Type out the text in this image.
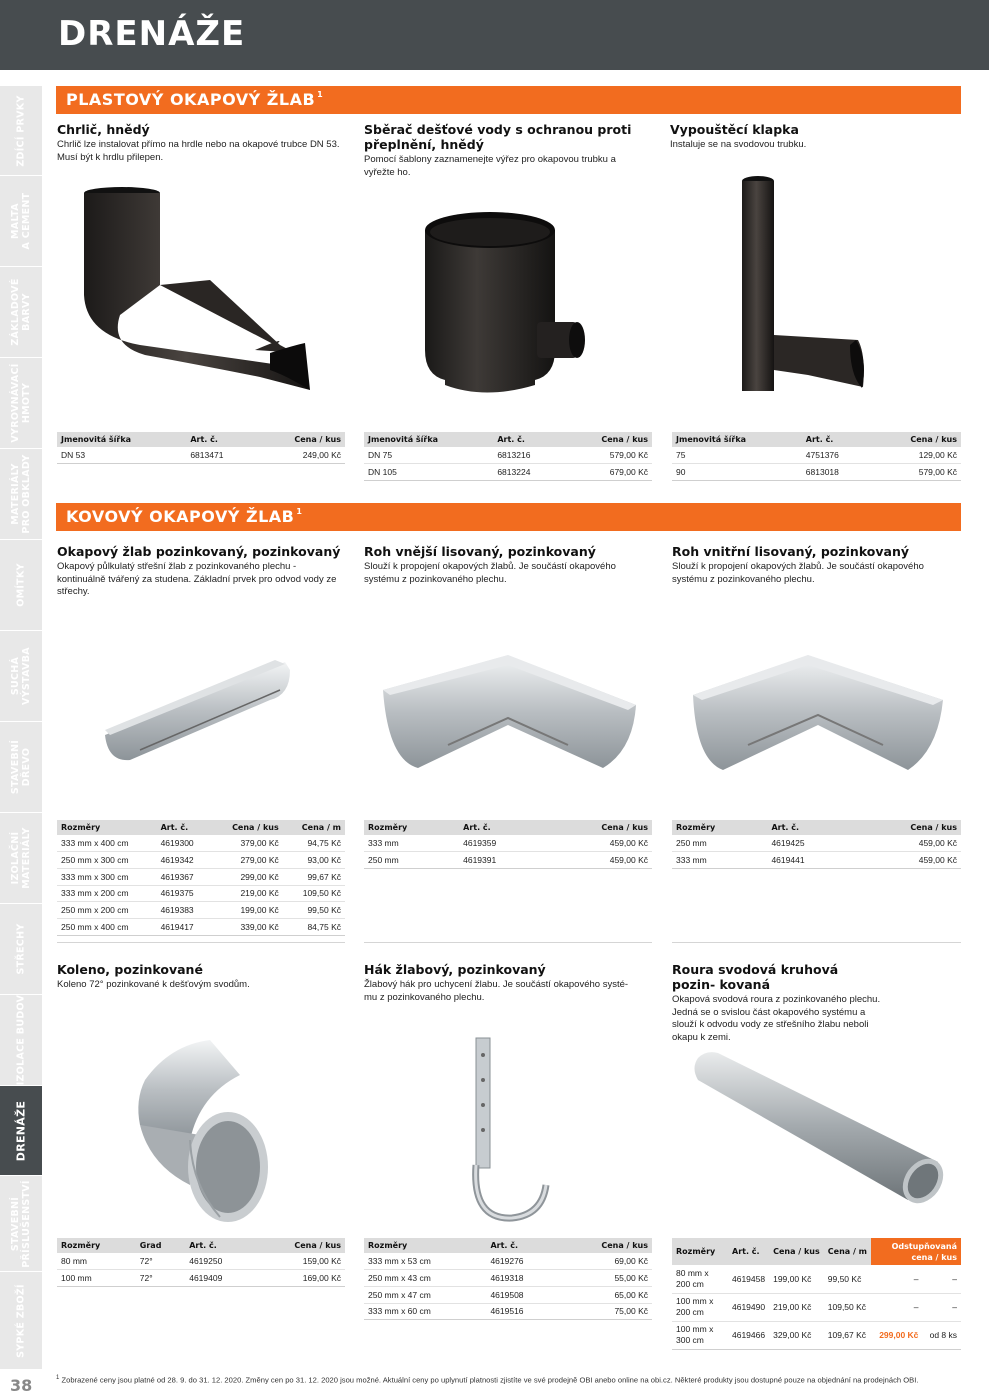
DRENÁŽE
ZDÍCÍ PRVKY
MALTA
A CEMENT
ZÁKLADOVÉ
BARVY
VYROVNÁVACÍ
HMOTY
MATERIÁLY
PRO OBKLADY
OMÍTKY
SUCHÁ
VÝSTAVBA
STAVEBNÍ
DŘEVO
IZOLAČNÍ
MATERIÁLY
STŘECHY
IZOLACE BUDOV
DRENÁŽE
STAVEBNÍ
PŘÍSLUŠENSTVÍ
SYPKÉ ZBOŽÍ
38
PLASTOVÝ OKAPOVÝ ŽLAB $^1$
Chrlič, hnědý

Chrlič lze instalovat přímo na hrdle nebo na okapové trubce DN 53. Musí být k hrdlu přilepen.

Jmenovitá šířka	Art. č.	Cena / kus
DN 53	6813471	249,00 Kč
Sběrač dešťové vody s ochranou proti přeplnění, hnědý

Pomocí šablony zaznamenejte výřez pro okapovou trubku a vyřežte ho.

Jmenovitá šířka	Art. č.	Cena / kus
DN 75	6813216	579,00 Kč
DN 105	6813224	679,00 Kč
Vypouštěcí klapka

Instaluje se na svodovou trubku.

Jmenovitá šířka	Art. č.	Cena / kus
75	4751376	129,00 Kč
90	6813018	579,00 Kč
KOVOVÝ OKAPOVÝ ŽLAB $^1$
Okapový žlab pozinkovaný, pozinkovaný

Okapový půlkulatý střešní žlab z pozinkovaného plechu - kontinuálně tvářený za studena. Základní prvek pro odvod vody ze střechy.

Rozměry	Art. č.	Cena / kus	Cena / m
333 mm x 400 cm	4619300	379,00 Kč	94,75 Kč
250 mm x 300 cm	4619342	279,00 Kč	93,00 Kč
333 mm x 300 cm	4619367	299,00 Kč	99,67 Kč
333 mm x 200 cm	4619375	219,00 Kč	109,50 Kč
250 mm x 200 cm	4619383	199,00 Kč	99,50 Kč
250 mm x 400 cm	4619417	339,00 Kč	84,75 Kč
Roh vnější lisovaný, pozinkovaný

Slouží k propojení okapových žlabů. Je součástí okapového systému z pozinkovaného plechu.

Rozměry	Art. č.	Cena / kus
333 mm	4619359	459,00 Kč
250 mm	4619391	459,00 Kč
Roh vnitřní lisovaný, pozinkovaný

Slouží k propojení okapových žlabů. Je součástí okapového systému z pozinkovaného plechu.

Rozměry	Art. č.	Cena / kus
250 mm	4619425	459,00 Kč
333 mm	4619441	459,00 Kč
Koleno, pozinkované

Koleno 72° pozinkované k dešťovým svodům.

Rozměry	Grad	Art. č.	Cena / kus
80 mm	72°	4619250	159,00 Kč
100 mm	72°	4619409	169,00 Kč
Hák žlabový, pozinkovaný

Žlabový hák pro uchycení žlabu. Je součástí okapového systé- mu z pozinkovaného plechu.

Rozměry	Art. č.	Cena / kus
333 mm x 53 cm	4619276	69,00 Kč
250 mm x 43 cm	4619318	55,00 Kč
250 mm x 47 cm	4619508	65,00 Kč
333 mm x 60 cm	4619516	75,00 Kč
Roura svodová kruhová pozin- kovaná

Okapová svodová roura z pozinkovaného plechu. Jedná se o svislou část okapového systému a slouží k odvodu vody ze střešního žlabu neboli okapu k zemi.

Rozměry	Art. č.	Cena / kus	Cena / m	Odstupňovaná cena / kus	
80 mm x 200 cm	4619458	199,00 Kč	99,50 Kč	–	–
100 mm x 200 cm	4619490	219,00 Kč	109,50 Kč	–	–
100 mm x 300 cm	4619466	329,00 Kč	109,67 Kč	299,00 Kč	od 8 ks
$^1$ Zobrazené ceny jsou platné od 28. 9. do 31. 12. 2020. Změny cen po 31. 12. 2020 jsou možné. Aktuální ceny po uplynutí platnosti zjistíte ve své prodejně OBI anebo online na obi.cz. Některé produkty jsou dostupné pouze na objednání na prodejnách OBI.
